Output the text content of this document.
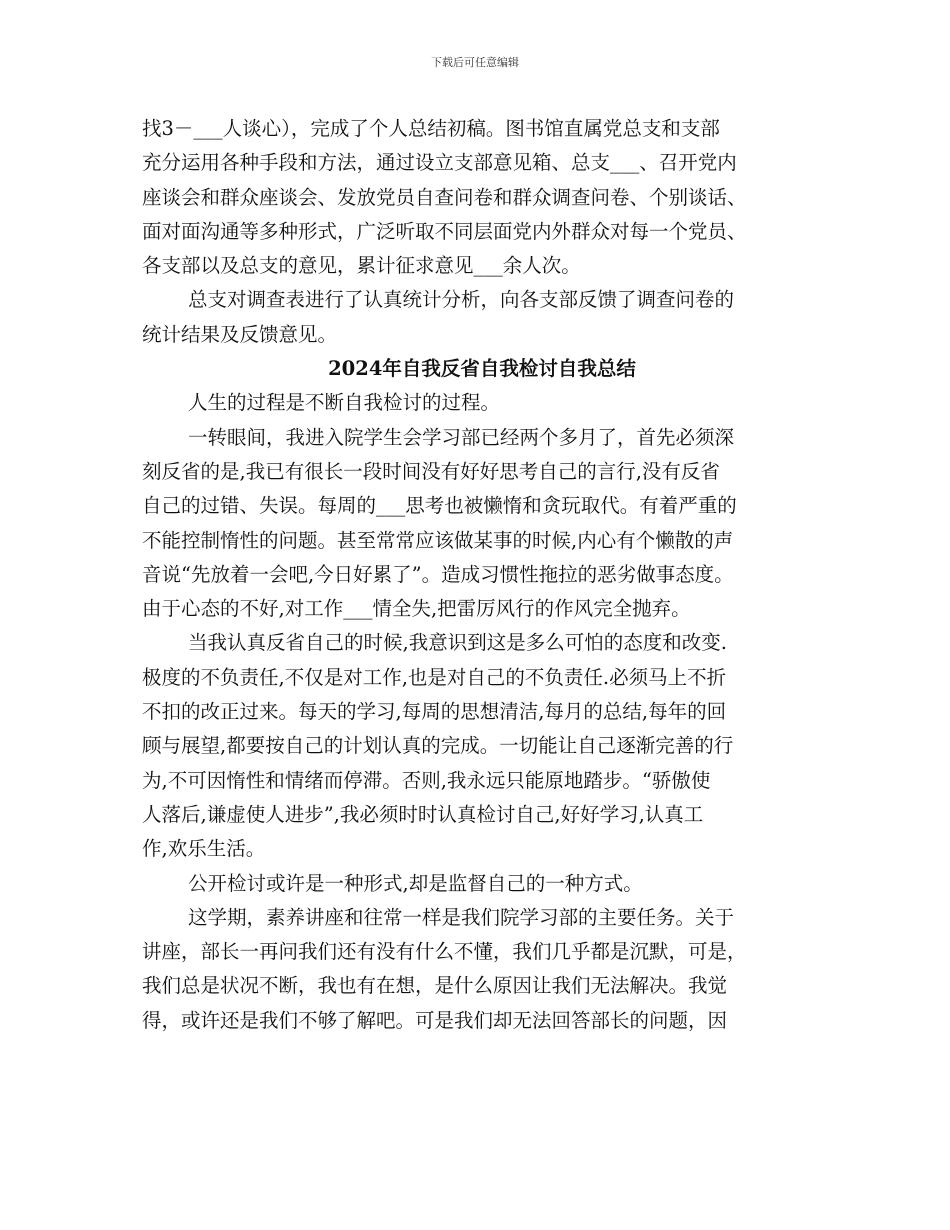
下载后可任意编辑
找3－___人谈心），完成了个人总结初稿。图书馆直属党总支和支部
充分运用各种手段和方法，通过设立支部意见箱、总支___、召开党内
座谈会和群众座谈会、发放党员自查问卷和群众调查问卷、个别谈话、
面对面沟通等多种形式，广泛听取不同层面党内外群众对每一个党员、
各支部以及总支的意见，累计征求意见___余人次。
总支对调查表进行了认真统计分析，向各支部反馈了调查问卷的
统计结果及反馈意见。
2024年自我反省自我检讨自我总结
人生的过程是不断自我检讨的过程。
一转眼间，我进入院学生会学习部已经两个多月了，首先必须深
刻反省的是,我已有很长一段时间没有好好思考自己的言行,没有反省
自己的过错、失误。每周的___思考也被懒惰和贪玩取代。有着严重的
不能控制惰性的问题。甚至常常应该做某事的时候,内心有个懒散的声
音说“先放着一会吧,今日好累了”。造成习惯性拖拉的恶劣做事态度。
由于心态的不好,对工作___情全失,把雷厉风行的作风完全抛弃。
当我认真反省自己的时候,我意识到这是多么可怕的态度和改变.
极度的不负责任,不仅是对工作,也是对自己的不负责任.必须马上不折
不扣的改正过来。每天的学习,每周的思想清洁,每月的总结,每年的回
顾与展望,都要按自己的计划认真的完成。一切能让自己逐渐完善的行
为,不可因惰性和情绪而停滞。否则,我永远只能原地踏步。“骄傲使
人落后,谦虚使人进步”,我必须时时认真检讨自己,好好学习,认真工
作,欢乐生活。
公开检讨或许是一种形式,却是监督自己的一种方式。
这学期，素养讲座和往常一样是我们院学习部的主要任务。关于
讲座，部长一再问我们还有没有什么不懂，我们几乎都是沉默，可是，
我们总是状况不断，我也有在想，是什么原因让我们无法解决。我觉
得，或许还是我们不够了解吧。可是我们却无法回答部长的问题，因
